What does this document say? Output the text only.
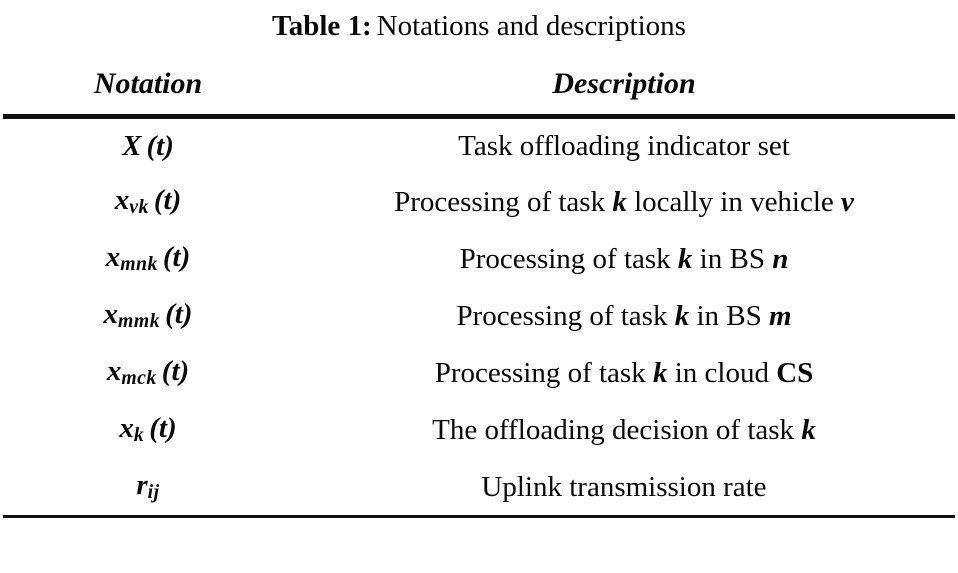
Table 1: Notations and descriptions

Notation	Description

X (t)	Task offloading indicator set
xvk (t)	Processing of task k locally in vehicle v
xmnk (t)	Processing of task k in BS n
xmmk (t)	Processing of task k in BS m
xmck (t)	Processing of task k in cloud CS
xk (t)	The offloading decision of task k
rij	Uplink transmission rate
